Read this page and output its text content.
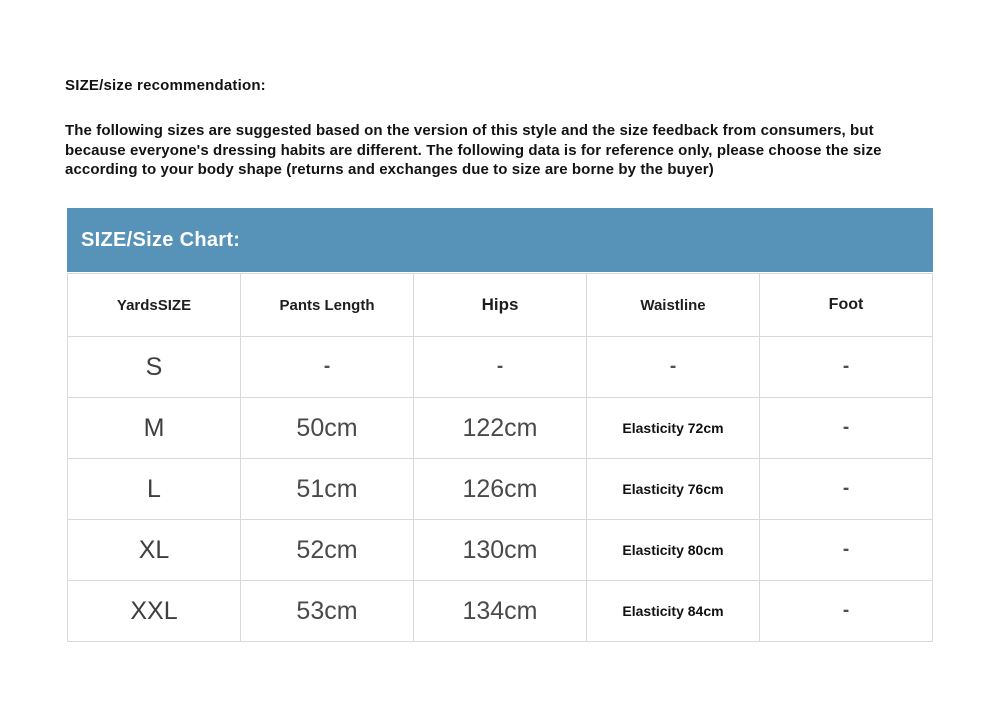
SIZE/size recommendation:
The following sizes are suggested based on the version of this style and the size feedback from consumers, but because everyone's dressing habits are different. The following data is for reference only, please choose the size according to your body shape (returns and exchanges due to size are borne by the buyer)
SIZE/Size Chart:
YardsSIZE	Pants Length	Hips	Waistline	Foot
S	-	-	-	-
M	50cm	122cm	Elasticity 72cm	-
L	51cm	126cm	Elasticity 76cm	-
XL	52cm	130cm	Elasticity 80cm	-
XXL	53cm	134cm	Elasticity 84cm	-
